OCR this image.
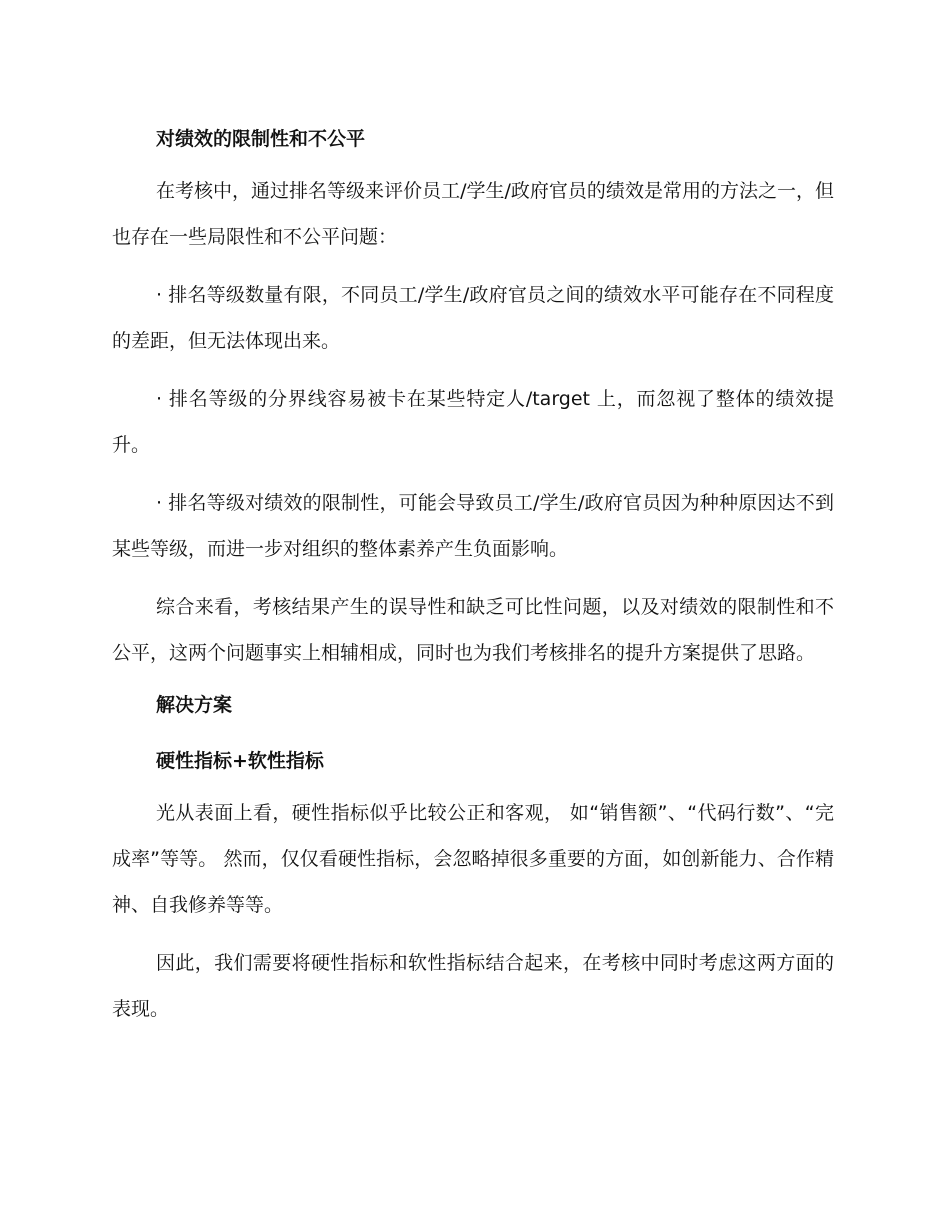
对绩效的限制性和不公平

在考核中，通过排名等级来评价员工/学生/政府官员的绩效是常用的方法之一，但也存在一些局限性和不公平问题：

· 排名等级数量有限，不同员工/学生/政府官员之间的绩效水平可能存在不同程度的差距，但无法体现出来。

· 排名等级的分界线容易被卡在某些特定人/target 上，而忽视了整体的绩效提升。

· 排名等级对绩效的限制性，可能会导致员工/学生/政府官员因为种种原因达不到某些等级，而进一步对组织的整体素养产生负面影响。

综合来看，考核结果产生的误导性和缺乏可比性问题，以及对绩效的限制性和不公平，这两个问题事实上相辅相成，同时也为我们考核排名的提升方案提供了思路。

解决方案
硬性指标+软性指标

光从表面上看，硬性指标似乎比较公正和客观， 如“销售额”、“代码行数”、“完成率”等等。 然而，仅仅看硬性指标，会忽略掉很多重要的方面，如创新能力、合作精神、自我修养等等。

因此，我们需要将硬性指标和软性指标结合起来，在考核中同时考虑这两方面的表现。
